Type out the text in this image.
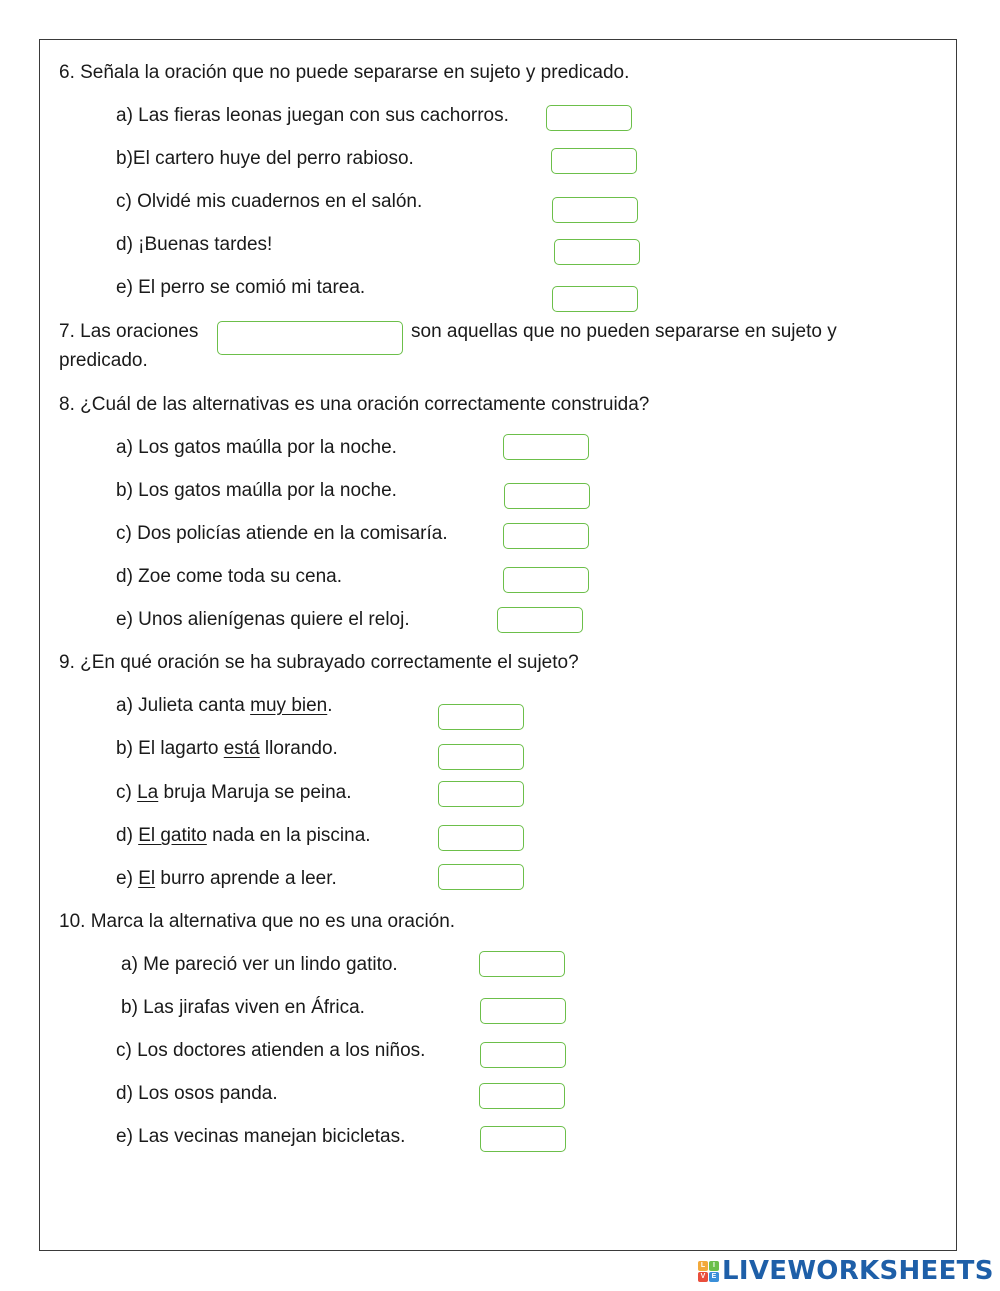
6. Señala la oración que no puede separarse en sujeto y predicado.
a) Las fieras leonas juegan con sus cachorros.
b)El cartero huye del perro rabioso.
c) Olvidé mis cuadernos en el salón.
d) ¡Buenas tardes!
e) El perro se comió mi tarea.
7. Las oraciones	son aquellas que no pueden separarse en sujeto y
predicado.
8. ¿Cuál de las alternativas es una oración correctamente construida?
a) Los gatos maúlla por la noche.
b) Los gatos maúlla por la noche.
c) Dos policías atiende en la comisaría.
d) Zoe come toda su cena.
e) Unos alienígenas quiere el reloj.
9. ¿En qué oración se ha subrayado correctamente el sujeto?
a) Julieta canta muy bien.
b) El lagarto está llorando.
c) La bruja Maruja se peina.
d) El gatito nada en la piscina.
e) El burro aprende a leer.
10. Marca la alternativa que no es una oración.
a) Me pareció ver un lindo gatito.
b) Las jirafas viven en África.
c) Los doctores atienden a los niños.
d) Los osos panda.
e) Las vecinas manejan bicicletas.
L	I
V E LIVEWORKSHEETS
